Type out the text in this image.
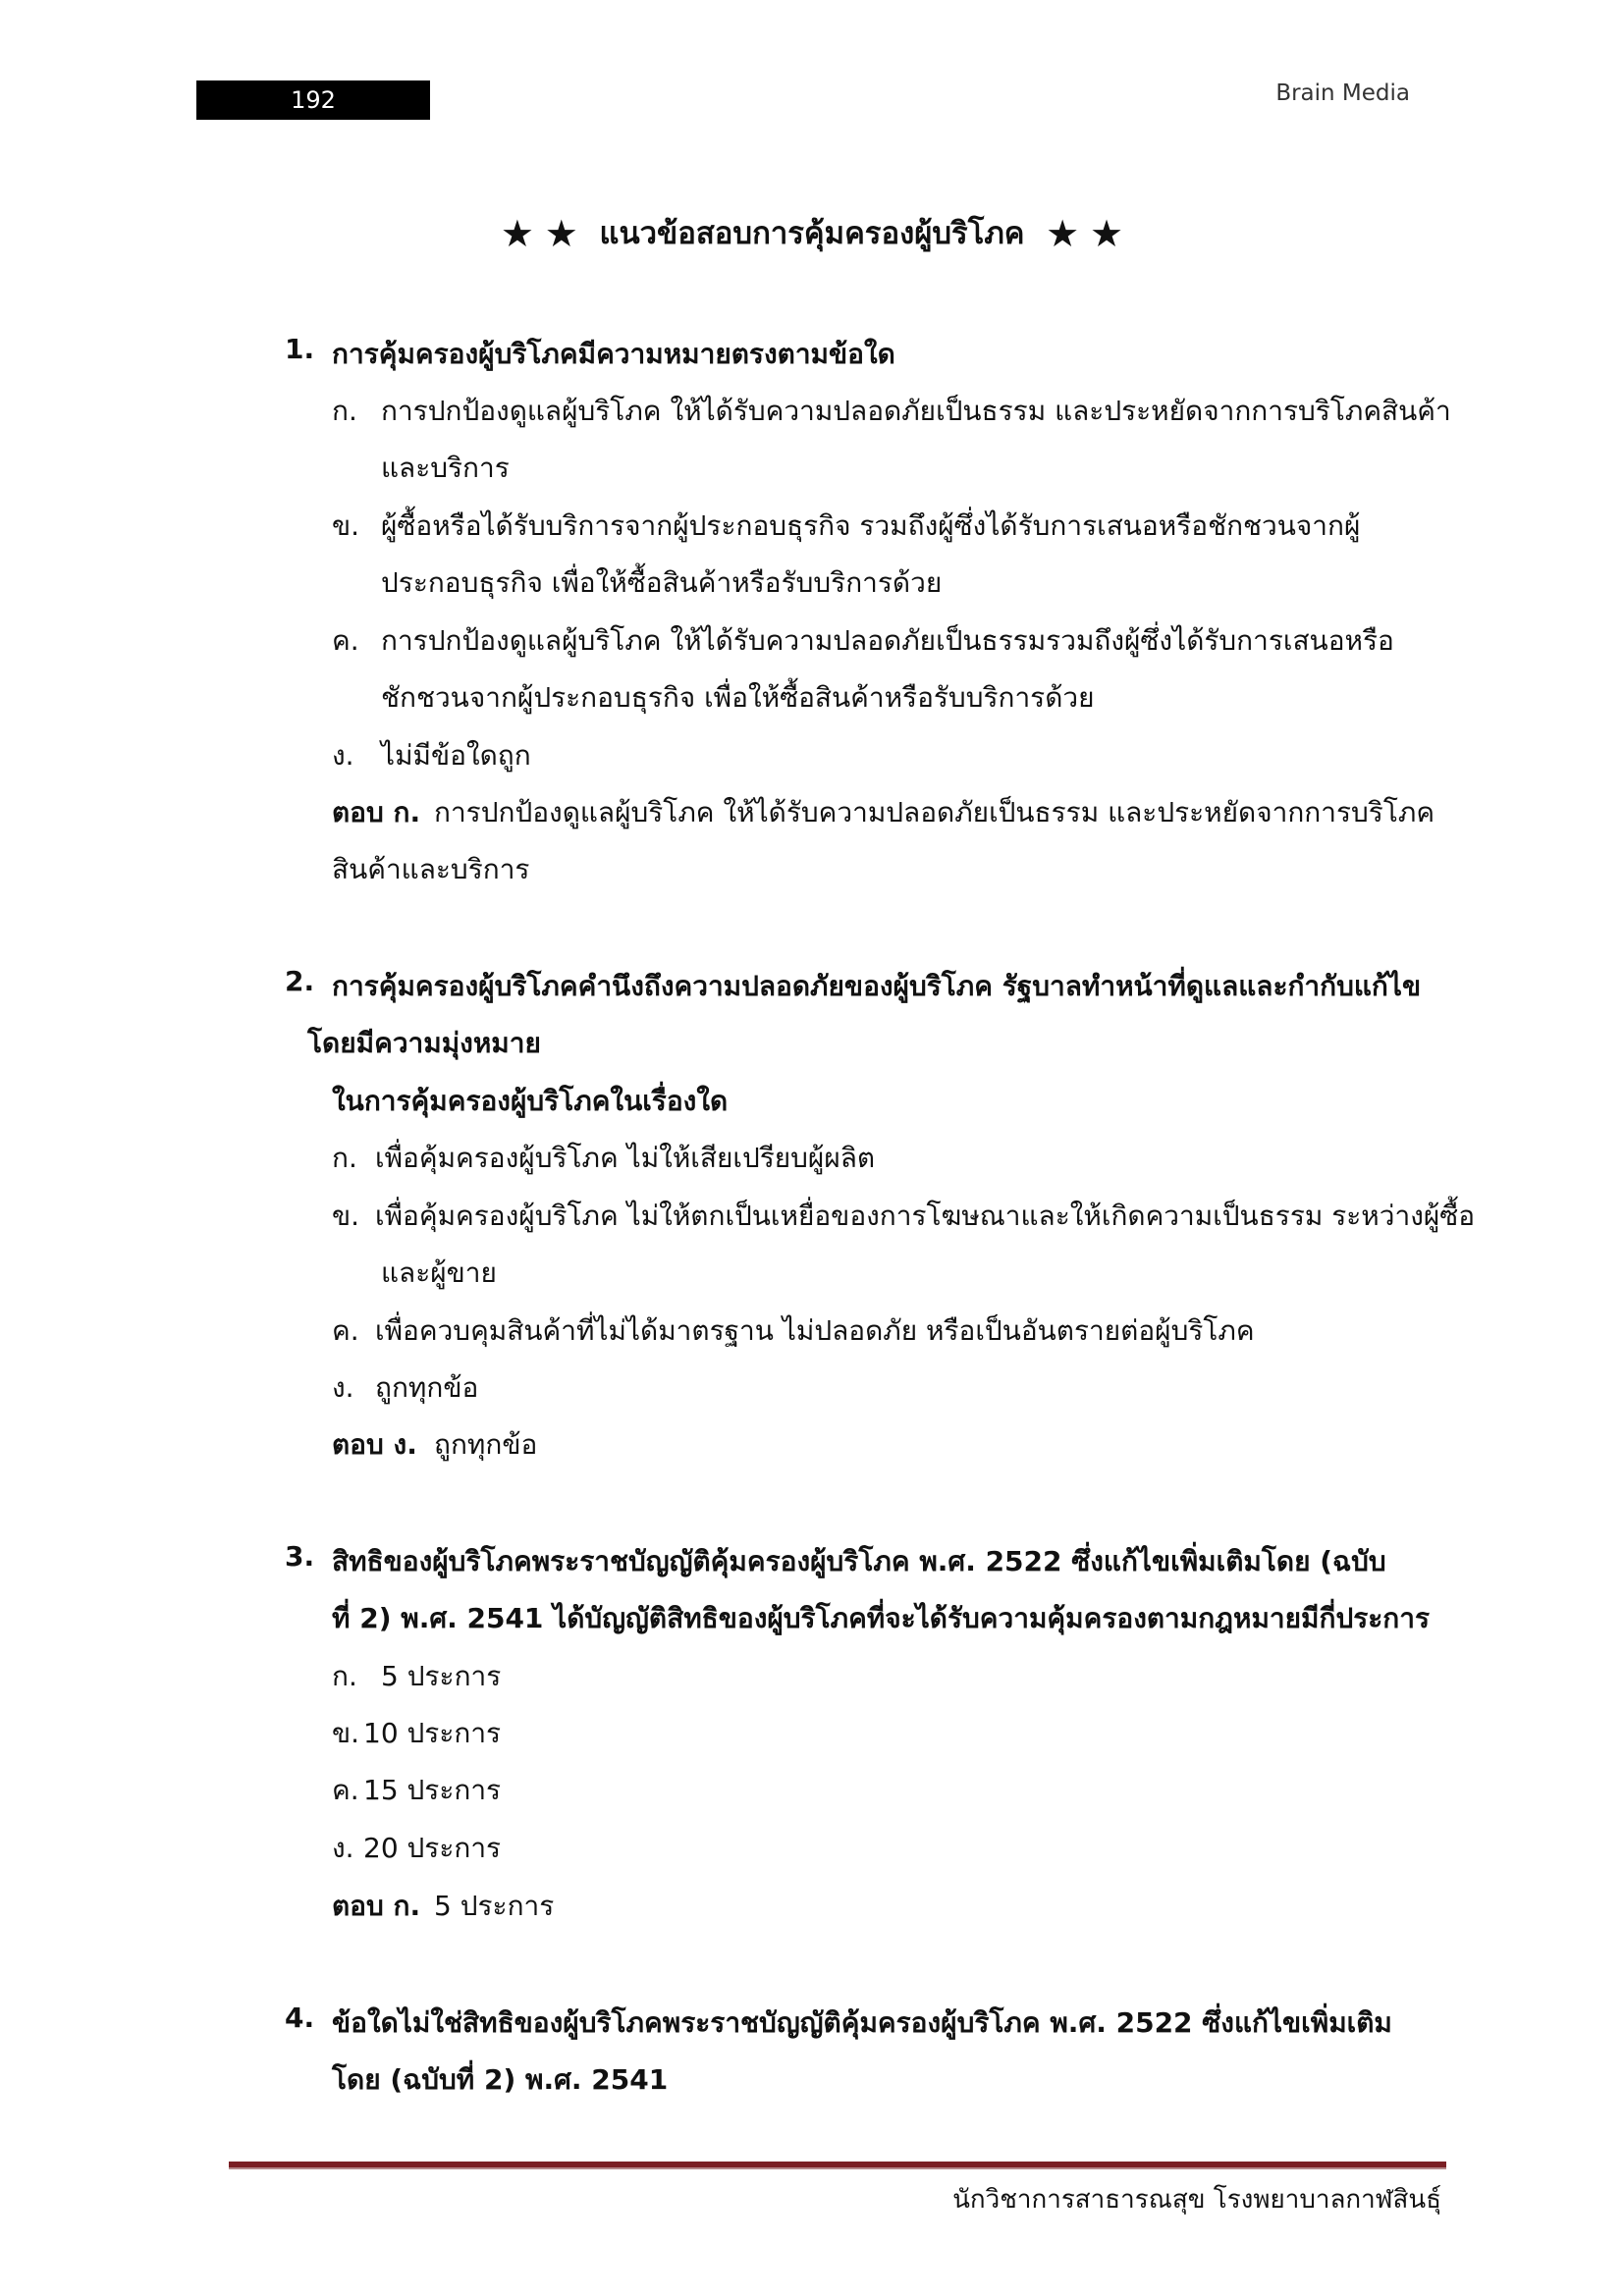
192	Brain Media
★ ★ แนวข้อสอบการคุ้มครองผู้บริโภค ★ ★
1. การคุ้มครองผู้บริโภคมีความหมายตรงตามข้อใด
ก. การปกป้องดูแลผู้บริโภค ให้ได้รับความปลอดภัยเป็นธรรม และประหยัดจากการบริโภคสินค้า
และบริการ
ข. ผู้ซื้อหรือได้รับบริการจากผู้ประกอบธุรกิจ รวมถึงผู้ซึ่งได้รับการเสนอหรือชักชวนจากผู้
ประกอบธุรกิจ เพื่อให้ซื้อสินค้าหรือรับบริการด้วย
ค. การปกป้องดูแลผู้บริโภค ให้ได้รับความปลอดภัยเป็นธรรมรวมถึงผู้ซึ่งได้รับการเสนอหรือ
ชักชวนจากผู้ประกอบธุรกิจ เพื่อให้ซื้อสินค้าหรือรับบริการด้วย
ง. ไม่มีข้อใดถูก
ตอบ ก. การปกป้องดูแลผู้บริโภค ให้ได้รับความปลอดภัยเป็นธรรม และประหยัดจากการบริโภค
สินค้าและบริการ
2. การคุ้มครองผู้บริโภคคำนึงถึงความปลอดภัยของผู้บริโภค รัฐบาลทำหน้าที่ดูแลและกำกับแก้ไข
โดยมีความมุ่งหมาย
ในการคุ้มครองผู้บริโภคในเรื่องใด
ก. เพื่อคุ้มครองผู้บริโภค ไม่ให้เสียเปรียบผู้ผลิต
ข. เพื่อคุ้มครองผู้บริโภค ไม่ให้ตกเป็นเหยื่อของการโฆษณาและให้เกิดความเป็นธรรม ระหว่างผู้ซื้อ
และผู้ขาย
ค. เพื่อควบคุมสินค้าที่ไม่ได้มาตรฐาน ไม่ปลอดภัย หรือเป็นอันตรายต่อผู้บริโภค
ง. ถูกทุกข้อ
ตอบ ง. ถูกทุกข้อ
3. สิทธิของผู้บริโภคพระราชบัญญัติคุ้มครองผู้บริโภค พ.ศ. 2522 ซึ่งแก้ไขเพิ่มเติมโดย (ฉบับ
ที่ 2) พ.ศ. 2541 ได้บัญญัติสิทธิของผู้บริโภคที่จะได้รับความคุ้มครองตามกฎหมายมีกี่ประการ
ก. 5 ประการ
ข. 10 ประการ
ค. 15 ประการ
ง. 20 ประการ
ตอบ ก. 5 ประการ
4. ข้อใดไม่ใช่สิทธิของผู้บริโภคพระราชบัญญัติคุ้มครองผู้บริโภค พ.ศ. 2522 ซึ่งแก้ไขเพิ่มเติม
โดย (ฉบับที่ 2) พ.ศ. 2541
นักวิชาการสาธารณสุข โรงพยาบาลกาฬสินธุ์
